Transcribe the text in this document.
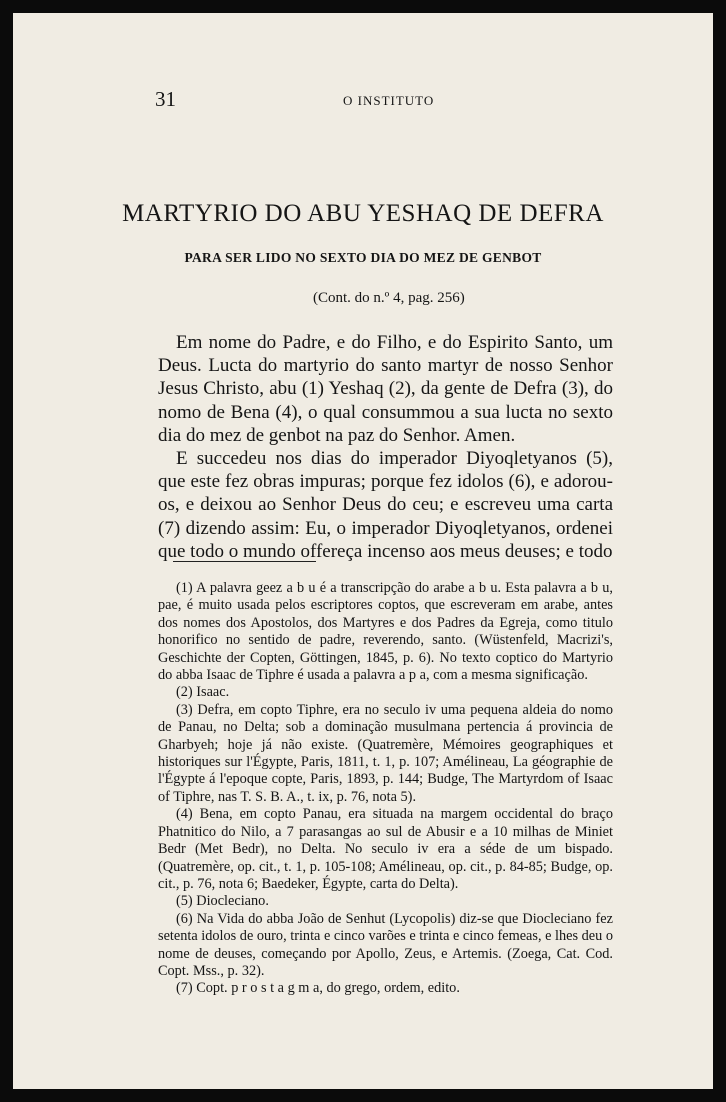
31	O INSTITUTO
MARTYRIO DO ABU YESHAQ DE DEFRA
PARA SER LIDO NO SEXTO DIA DO MEZ DE GENBOT
(Cont. do n.º 4, pag. 256)

Em nome do Padre, e do Filho, e do Espirito Santo, um Deus. Lucta do martyrio do santo martyr de nosso Senhor Jesus Christo, abu (1) Yeshaq (2), da gente de Defra (3), do nomo de Bena (4), o qual consummou a sua lucta no sexto dia do mez de genbot na paz do Senhor. Amen.

E succedeu nos dias do imperador Diyoqletyanos (5), que este fez obras impuras; porque fez idolos (6), e adorou-os, e deixou ao Senhor Deus do ceu; e escreveu uma carta (7) dizendo assim: Eu, o imperador Diyoqletyanos, ordenei que todo o mundo offereça incenso aos meus deuses; e todo

(1) A palavra geez a b u é a transcripção do arabe a b u. Esta palavra a b u, pae, é muito usada pelos escriptores coptos, que escreveram em arabe, antes dos nomes dos Apostolos, dos Martyres e dos Padres da Egreja, como titulo honorifico no sentido de padre, reverendo, santo. (Wüstenfeld, Macrizi's, Geschichte der Copten, Göttingen, 1845, p. 6). No texto coptico do Martyrio do abba Isaac de Tiphre é usada a palavra a p a, com a mesma significação.

(2) Isaac.

(3) Defra, em copto Tiphre, era no seculo iv uma pequena aldeia do nomo de Panau, no Delta; sob a dominação musulmana pertencia á provincia de Gharbyeh; hoje já não existe. (Quatremère, Mémoires geographiques et historiques sur l'Égypte, Paris, 1811, t. 1, p. 107; Amélineau, La géographie de l'Égypte á l'epoque copte, Paris, 1893, p. 144; Budge, The Martyrdom of Isaac of Tiphre, nas T. S. B. A., t. ix, p. 76, nota 5).

(4) Bena, em copto Panau, era situada na margem occidental do braço Phatnitico do Nilo, a 7 parasangas ao sul de Abusir e a 10 milhas de Miniet Bedr (Met Bedr), no Delta. No seculo iv era a séde de um bispado. (Quatremère, op. cit., t. 1, p. 105-108; Amélineau, op. cit., p. 84-85; Budge, op. cit., p. 76, nota 6; Baedeker, Égypte, carta do Delta).

(5) Diocleciano.

(6) Na Vida do abba João de Senhut (Lycopolis) diz-se que Diocleciano fez setenta idolos de ouro, trinta e cinco varões e trinta e cinco femeas, e lhes deu o nome de deuses, começando por Apollo, Zeus, e Artemis. (Zoega, Cat. Cod. Copt. Mss., p. 32).

(7) Copt. p r o s t a g m a, do grego, ordem, edito.
